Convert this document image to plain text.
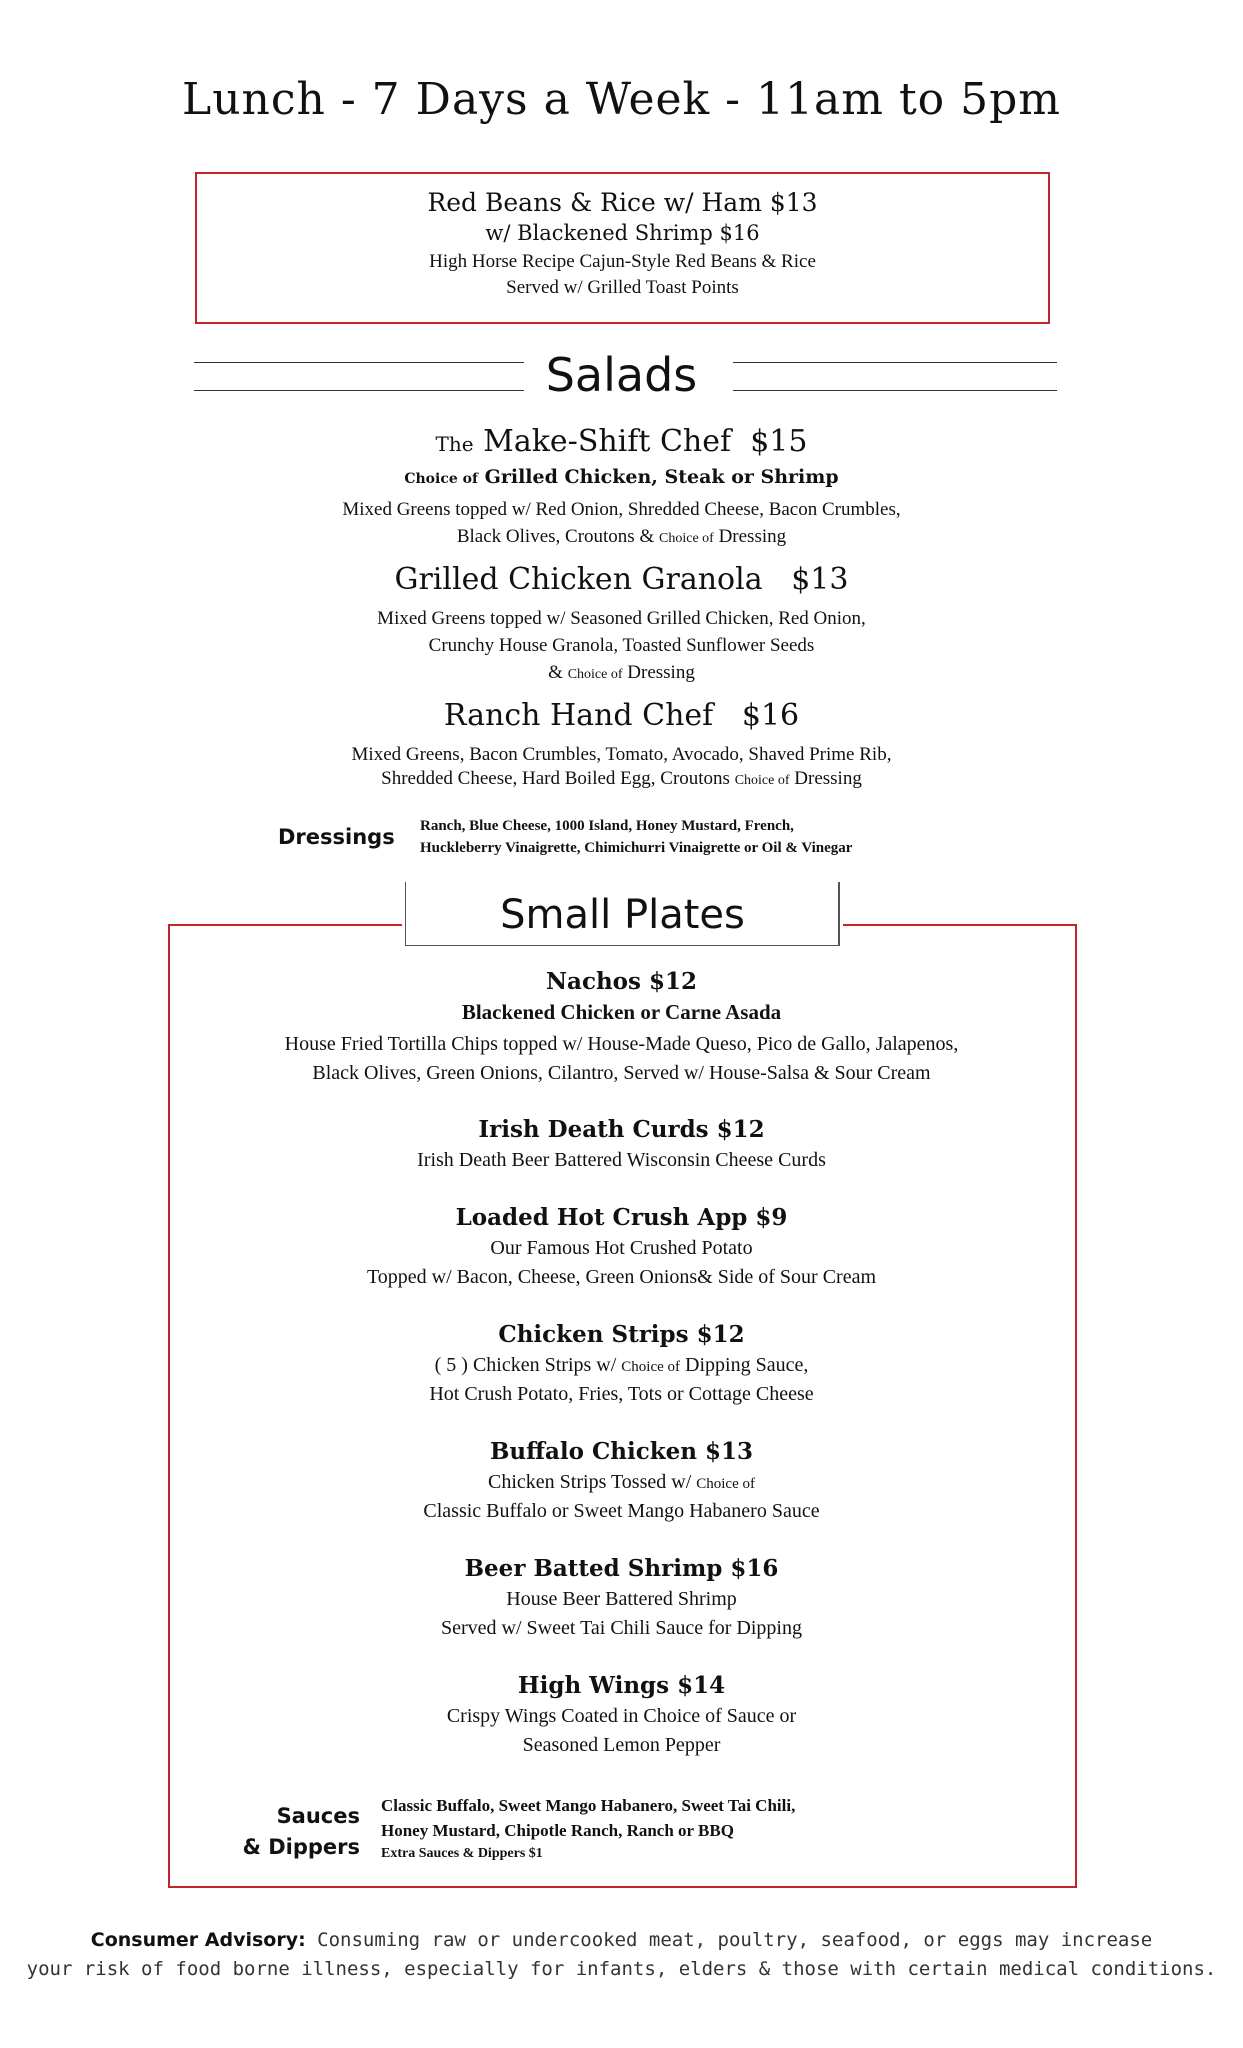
Lunch - 7 Days a Week - 11am to 5pm
Red Beans & Rice w/ Ham $13
w/ Blackened Shrimp $16
High Horse Recipe Cajun-Style Red Beans & Rice
Served w/ Grilled Toast Points
Salads
The Make-Shift Chef $15
Choice of Grilled Chicken, Steak or Shrimp
Mixed Greens topped w/ Red Onion, Shredded Cheese, Bacon Crumbles,
Black Olives, Croutons & Choice of Dressing
Grilled Chicken Granola $13
Mixed Greens topped w/ Seasoned Grilled Chicken, Red Onion,
Crunchy House Granola, Toasted Sunflower Seeds
& Choice of Dressing
Ranch Hand Chef $16
Mixed Greens, Bacon Crumbles, Tomato, Avocado, Shaved Prime Rib,
Shredded Cheese, Hard Boiled Egg, Croutons Choice of Dressing
Dressings Ranch, Blue Cheese, 1000 Island, Honey Mustard, French,
Huckleberry Vinaigrette, Chimichurri Vinaigrette or Oil & Vinegar
Small Plates
Nachos $12
Blackened Chicken or Carne Asada
House Fried Tortilla Chips topped w/ House-Made Queso, Pico de Gallo, Jalapenos,
Black Olives, Green Onions, Cilantro, Served w/ House-Salsa & Sour Cream
Irish Death Curds $12
Irish Death Beer Battered Wisconsin Cheese Curds
Loaded Hot Crush App $9
Our Famous Hot Crushed Potato
Topped w/ Bacon, Cheese, Green Onions& Side of Sour Cream
Chicken Strips $12
( 5 ) Chicken Strips w/ Choice of Dipping Sauce,
Hot Crush Potato, Fries, Tots or Cottage Cheese
Buffalo Chicken $13
Chicken Strips Tossed w/ Choice of
Classic Buffalo or Sweet Mango Habanero Sauce
Beer Batted Shrimp $16
House Beer Battered Shrimp
Served w/ Sweet Tai Chili Sauce for Dipping
High Wings $14
Crispy Wings Coated in Choice of Sauce or
Seasoned Lemon Pepper
Sauces
& Dippers
Classic Buffalo, Sweet Mango Habanero, Sweet Tai Chili,
Honey Mustard, Chipotle Ranch, Ranch or BBQ
Extra Sauces & Dippers $1
Consumer Advisory: Consuming raw or undercooked meat, poultry, seafood, or eggs may increase
your risk of food borne illness, especially for infants, elders & those with certain medical conditions.
